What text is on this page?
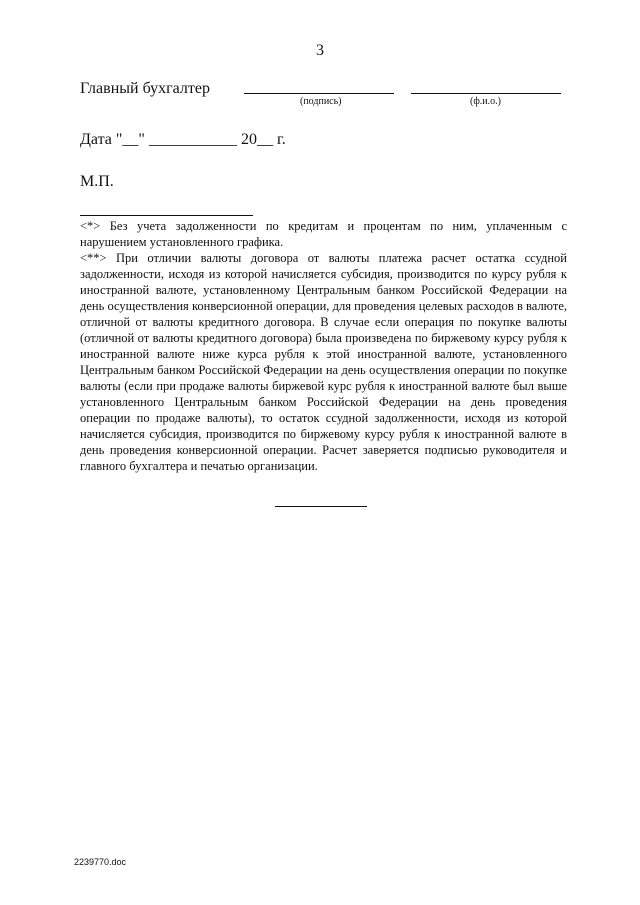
3
Главный бухгалтер
(подпись)	(ф.и.о.)
Дата "__" ___________ 20__ г.
М.П.

<*> Без учета задолженности по кредитам и процентам по ним, уплаченным с нарушением установленного графика.

<**> При отличии валюты договора от валюты платежа расчет остатка ссудной задолженности, исходя из которой начисляется субсидия, производится по курсу рубля к иностранной валюте, установленному Центральным банком Российской Федерации на день осуществления конверсионной операции, для проведения целевых расходов в валюте, отличной от валюты кредитного договора. В случае если операция по покупке валюты (отличной от валюты кредитного договора) была произведена по биржевому курсу рубля к иностранной валюте ниже курса рубля к этой иностранной валюте, установленного Центральным банком Российской Федерации на день осуществления операции по покупке валюты (если при продаже валюты биржевой курс рубля к иностранной валюте был выше установленного Центральным банком Российской Федерации на день проведения операции по продаже валюты), то остаток ссудной задолженности, исходя из которой начисляется субсидия, производится по биржевому курсу рубля к иностранной валюте в день проведения конверсионной операции. Расчет заверяется подписью руководителя и главного бухгалтера и печатью организации.

2239770.doc
